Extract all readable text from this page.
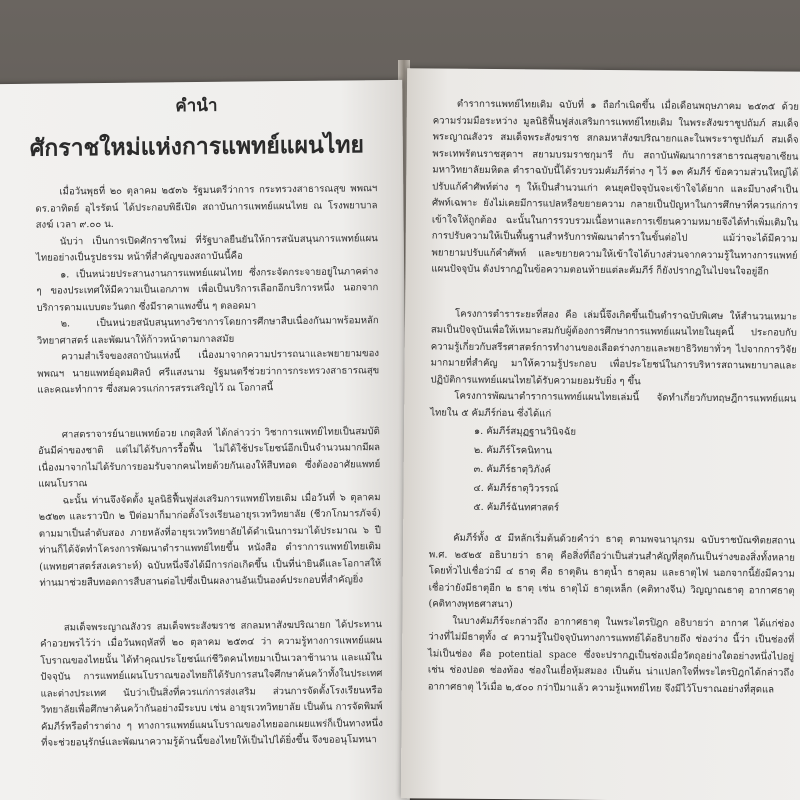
คำนำ
ศักราชใหม่แห่งการแพทย์แผนไทย

เมื่อวันพุธที่ ๒๐ ตุลาคม ๒๕๓๖ รัฐมนตรีว่าการ กระทรวงสาธารณสุข พพณฯ ดร.อาทิตย์ อุไรรัตน์ ได้ประกอบพิธีเปิด สถาบันการแพทย์แผนไทย ณ โรงพยาบาลสงฆ์ เวลา ๙.๐๐ น.

นับว่า เป็นการเปิดศักราชใหม่ ที่รัฐบาลยืนยันให้การสนับสนุนการแพทย์แผนไทยอย่างเป็นรูปธรรม หน้าที่สำคัญของสถาบันนี้คือ

๑. เป็นหน่วยประสานงานการแพทย์แผนไทย ซึ่งกระจัดกระจายอยู่ในภาคต่าง ๆ ของประเทศให้มีความเป็นเอกภาพ เพื่อเป็นบริการเลือกอีกบริการหนึ่ง นอกจากบริการตามแบบตะวันตก ซึ่งมีราคาแพงขึ้น ๆ ตลอดมา

๒. เป็นหน่วยสนับสนุนทางวิชาการโดยการศึกษาสืบเนื่องกันมาพร้อมหลักวิทยาศาสตร์ และพัฒนาให้ก้าวหน้าตามกาลสมัย

ความสำเร็จของสถาบันแห่งนี้ เนื่องมาจากความปรารถนาและพยายามของ พพณฯ นายแพทย์อุดมศิลป์ ศรีแสงนาม รัฐมนตรีช่วยว่าการกระทรวงสาธารณสุขและคณะทำการ ซึ่งสมควรแก่การสรรเสริญไว้ ณ โอกาสนี้

ศาสตราจารย์นายแพทย์อวย เกตุสิงห์ ได้กล่าวว่า วิชาการแพทย์ไทยเป็นสมบัติอันมีค่าของชาติ แต่ไม่ได้รับการรื้อฟื้น ไม่ได้ใช้ประโยชน์อีกเป็นจำนวนมากมีผลเนื่องมาจากไม่ได้รับการยอมรับจากคนไทยด้วยกันเองให้สืบทอด ซึ่งต้องอาศัยแพทย์แผนโบราณ

ฉะนั้น ท่านจึงจัดตั้ง มูลนิธิฟื้นฟูส่งเสริมการแพทย์ไทยเดิม เมื่อวันที่ ๖ ตุลาคม ๒๕๒๓ และราวปีก ๒ ปีต่อมาก็มาก่อตั้งโรงเรียนอายุรเวทวิทยาลัย (ชีวกโกมารภัจจ์) ตามมาเป็นลำดับสอง ภายหลังที่อายุรเวทวิทยาลัยได้ดำเนินการมาได้ประมาณ ๖ ปี ท่านก็ได้จัดทำโครงการพัฒนาตำราแพทย์ไทยขึ้น หนังสือ ตำราการแพทย์ไทยเดิม (แพทยศาสตร์สงเคราะห์) ฉบับหนึ่งจึงได้มีการก่อเกิดขึ้น เป็นที่น่ายินดีและโอกาสให้ท่านมาช่วยสืบทอดการสืบสานต่อไปซึ่งเป็นผลงานอันเป็นองค์ประกอบที่สำคัญยิ่ง

สมเด็จพระญาณสังวร สมเด็จพระสังฆราช สกลมหาสังฆปริณายก ได้ประทานคำอวยพรไว้ว่า เมื่อวันพฤหัสที่ ๒๐ ตุลาคม ๒๕๓๔ ว่า ความรู้ทางการแพทย์แผนโบราณของไทยนั้น ได้ทำคุณประโยชน์แก่ชีวิตคนไทยมาเป็นเวลาช้านาน และแม้ในปัจจุบัน การแพทย์แผนโบราณของไทยก็ได้รับการสนใจศึกษาค้นคว้าทั้งในประเทศและต่างประเทศ นับว่าเป็นสิ่งที่ควรแก่การส่งเสริม ส่วนการจัดตั้งโรงเรียนหรือวิทยาลัยเพื่อศึกษาค้นคว้ากันอย่างมีระบบ เช่น อายุรเวทวิทยาลัย เป็นต้น การจัดพิมพ์คัมภีร์หรือตำราต่าง ๆ ทางการแพทย์แผนโบราณของไทยออกเผยแพร่ก็เป็นทางหนึ่งที่จะช่วยอนุรักษ์และพัฒนาความรู้ด้านนี้ของไทยให้เป็นไปได้ยิ่งขึ้น จึงขออนุโมทนา

ตำราการแพทย์ไทยเดิม ฉบับที่ ๑ ถือกำเนิดขึ้น เมื่อเดือนพฤษภาคม ๒๕๓๕ ด้วยความร่วมมือระหว่าง มูลนิธิฟื้นฟูส่งเสริมการแพทย์ไทยเดิม ในพระสังฆราชูปถัมภ์ สมเด็จพระญาณสังวร สมเด็จพระสังฆราช สกลมหาสังฆปริณายกและในพระราชูปถัมภ์ สมเด็จพระเทพรัตนราชสุดาฯ สยามบรมราชกุมารี กับ สถาบันพัฒนาการสาธารณสุขอาเซียน มหาวิทยาลัยมหิดล ตำราฉบับนี้ได้รวบรวมคัมภีร์ต่าง ๆ ไว้ ๑๓ คัมภีร์ ข้อความส่วนใหญ่ได้ปรับแก้คำศัพท์ต่าง ๆ ให้เป็นสำนวนเก่า คนยุคปัจจุบันจะเข้าใจได้ยาก และมีบางคำเป็นศัพท์เฉพาะ ยังไม่เคยมีการแปลหรือขยายความ กลายเป็นปัญหาในการศึกษาที่ควรแก่การเข้าใจให้ถูกต้อง ฉะนั้นในการรวบรวมเนื้อหาและการเขียนความหมายจึงได้ทำเพิ่มเติมในการปรับความให้เป็นพื้นฐานสำหรับการพัฒนาตำราในขั้นต่อไป แม้ว่าจะได้มีความพยายามปรับแก้คำศัพท์ และขยายความให้เข้าใจได้บางส่วนจากความรู้ในทางการแพทย์แผนปัจจุบัน ดังปรากฏในข้อความตอนท้ายแต่ละคัมภีร์ ก็ยังปรากฏในไปจนใจอยู่อีก

โครงการตำราระยะที่สอง คือ เล่มนี้จึงเกิดขึ้นเป็นตำราฉบับพิเศษ ให้สำนวนเหมาะสมเป็นปัจจุบันเพื่อให้เหมาะสมกับผู้ต้องการศึกษาการแพทย์แผนไทยในยุคนี้ ประกอบกับความรู้เกี่ยวกับสรีรศาสตร์การทำงานของเลือดร่างกายและพยาธิวิทยาทั่วๆ ไปจากการวิจัยมากมายที่สำคัญ มาให้ความรู้ประกอบ เพื่อประโยชน์ในการบริหารสถานพยาบาลและปฏิบัติการแพทย์แผนไทยได้รับความยอมรับยิ่ง ๆ ขึ้น

โครงการพัฒนาตำราการแพทย์แผนไทยเล่มนี้ จัดทำเกี่ยวกับทฤษฎีการแพทย์แผนไทยใน ๕ คัมภีร์ก่อน ซึ่งได้แก่

๑. คัมภีร์สมุฏฐานวินิจฉัย
๒. คัมภีร์โรคนิทาน
๓. คัมภีร์ธาตุวิภังค์
๔. คัมภีร์ธาตุวิวรรณ์
๕. คัมภีร์ฉันทศาสตร์

คัมภีร์ทั้ง ๕ มีหลักเริ่มต้นด้วยคำว่า ธาตุ ตามพจนานุกรม ฉบับราชบัณฑิตยสถาน พ.ศ. ๒๕๒๕ อธิบายว่า ธาตุ คือสิ่งที่ถือว่าเป็นส่วนสำคัญที่สุดกันเป็นร่างของสิ่งทั้งหลาย โดยทั่วไปเชื่อว่ามี ๔ ธาตุ คือ ธาตุดิน ธาตุน้ำ ธาตุลม และธาตุไฟ นอกจากนี้ยังมีความเชื่อว่ายังมีธาตุอีก ๒ ธาตุ เช่น ธาตุไม้ ธาตุเหล็ก (คติทางจีน) วิญญาณธาตุ อากาศธาตุ (คติทางพุทธศาสนา)

ในบางคัมภีร์จะกล่าวถึง อากาศธาตุ ในพระไตรปิฎก อธิบายว่า อากาศ ได้แก่ช่องว่างที่ไม่มีธาตุทั้ง ๔ ความรู้ในปัจจุบันทางการแพทย์ได้อธิบายถึง ช่องว่าง นี้ว่า เป็นช่องที่ไม่เป็นช่อง คือ potential space ซึ่งจะปรากฏเป็นช่องเมื่อวัตถุอย่างใดอย่างหนึ่งไปอยู่ เช่น ช่องปอด ช่องท้อง ช่องในเยื่อหุ้มสมอง เป็นต้น น่าแปลกใจที่พระไตรปิฎกได้กล่าวถึง อากาศธาตุ ไว้เมื่อ ๒,๕๐๐ กว่าปีมาแล้ว ความรู้แพทย์ไทย จึงมีไว้โบราณอย่างที่สุดแล
